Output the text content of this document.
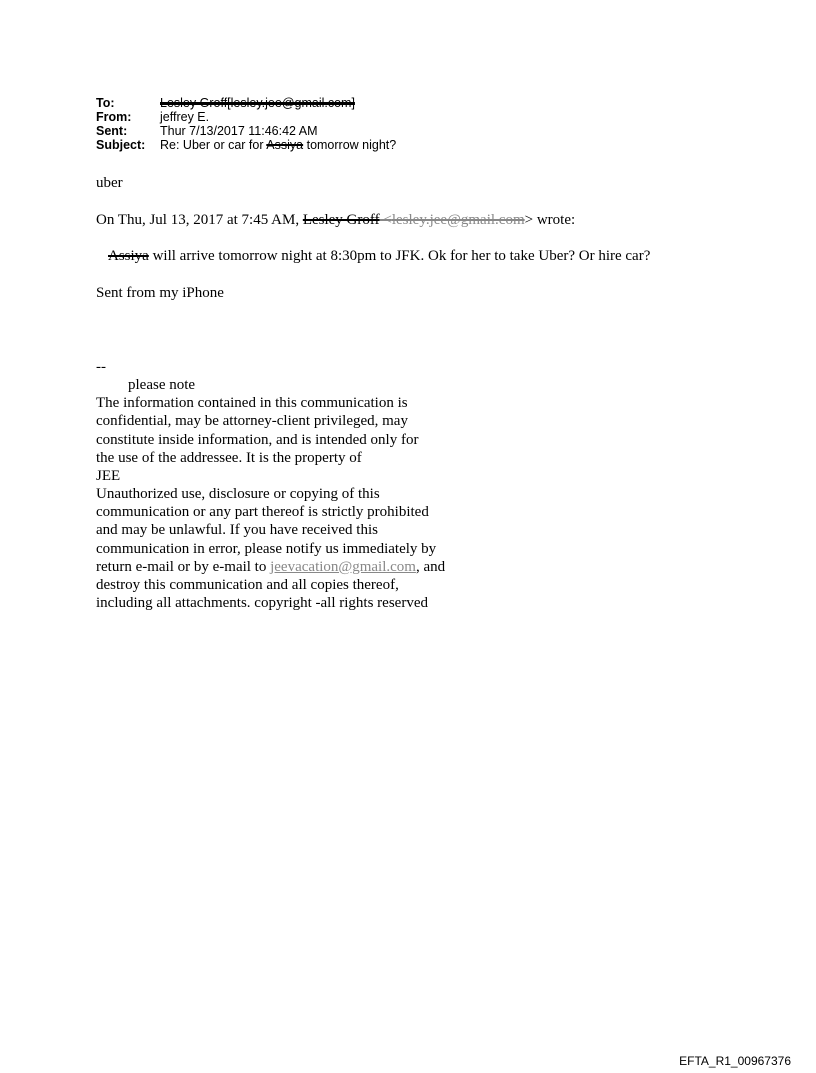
To:	Lesley Groff[lesley.jee@gmail.com]
From:	jeffrey E.
Sent:	Thur 7/13/2017 11:46:42 AM
Subject:	Re: Uber or car for Assiya tomorrow night?
uber
On Thu, Jul 13, 2017 at 7:45 AM, Lesley Groff <lesley.jee@gmail.com> wrote:
Assiya will arrive tomorrow night at 8:30pm to JFK. Ok for her to take Uber? Or hire car?
Sent from my iPhone
--
please note
The information contained in this communication is
confidential, may be attorney-client privileged, may
constitute inside information, and is intended only for
the use of the addressee. It is the property of
JEE
Unauthorized use, disclosure or copying of this
communication or any part thereof is strictly prohibited
and may be unlawful. If you have received this
communication in error, please notify us immediately by
return e-mail or by e-mail to jeevacation@gmail.com, and
destroy this communication and all copies thereof,
including all attachments. copyright -all rights reserved
EFTA_R1_00967376
